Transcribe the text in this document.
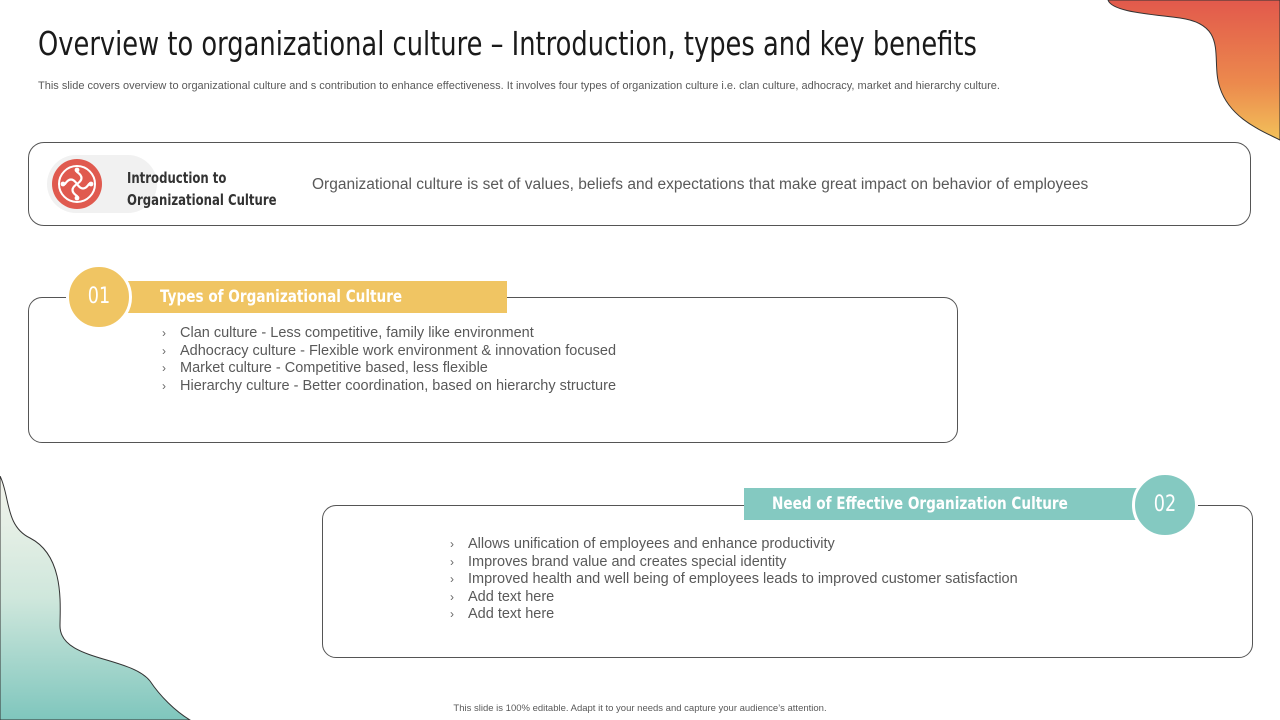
Overview to organizational culture – Introduction, types and key benefits
This slide covers overview to organizational culture and s contribution to enhance effectiveness. It involves four types of organization culture i.e. clan culture, adhocracy, market and hierarchy culture.
Introduction to
Organizational Culture
Organizational culture is set of values, beliefs and expectations that make great impact on behavior of employees
Types of Organizational Culture
01
› Clan culture - Less competitive, family like environment
› Adhocracy culture - Flexible work environment & innovation focused
› Market culture - Competitive based, less flexible
› Hierarchy culture - Better coordination, based on hierarchy structure
Need of Effective Organization Culture	02
› Allows unification of employees and enhance productivity
› Improves brand value and creates special identity
› Improved health and well being of employees leads to improved customer satisfaction
› Add text here
› Add text here
This slide is 100% editable. Adapt it to your needs and capture your audience’s attention.
